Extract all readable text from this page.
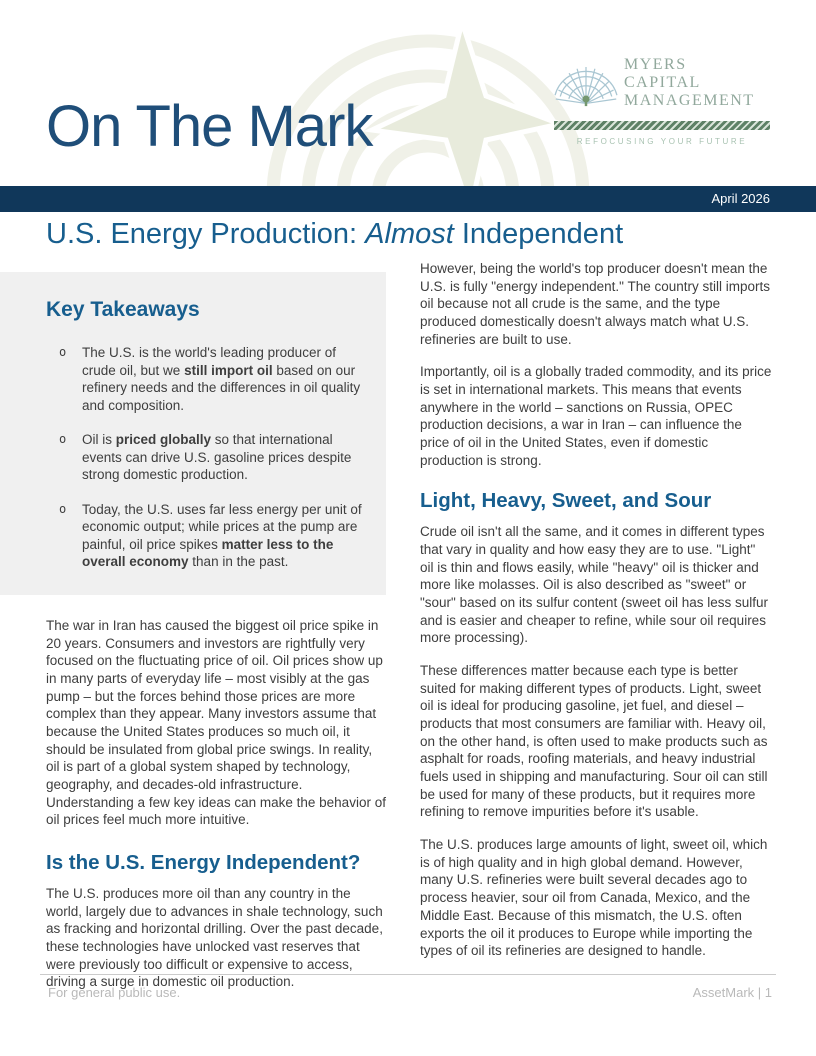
On The Mark
MYERS
CAPITAL
MANAGEMENT
REFOCUSING YOUR FUTURE
April 2026
U.S. Energy Production: Almost Independent
Key Takeaways
o	The U.S. is the world's leading producer of crude oil, but we still import oil based on our refinery needs and the differences in oil quality and composition.
o	Oil is priced globally so that international events can drive U.S. gasoline prices despite strong domestic production.
o	Today, the U.S. uses far less energy per unit of economic output; while prices at the pump are painful, oil price spikes matter less to the overall economy than in the past.

The war in Iran has caused the biggest oil price spike in 20 years. Consumers and investors are rightfully very focused on the fluctuating price of oil. Oil prices show up in many parts of everyday life – most visibly at the gas pump – but the forces behind those prices are more complex than they appear. Many investors assume that because the United States produces so much oil, it should be insulated from global price swings. In reality, oil is part of a global system shaped by technology, geography, and decades-old infrastructure. Understanding a few key ideas can make the behavior of oil prices feel much more intuitive.

Is the U.S. Energy Independent?

The U.S. produces more oil than any country in the world, largely due to advances in shale technology, such as fracking and horizontal drilling. Over the past decade, these technologies have unlocked vast reserves that were previously too difficult or expensive to access, driving a surge in domestic oil production.

However, being the world's top producer doesn't mean the U.S. is fully "energy independent." The country still imports oil because not all crude is the same, and the type produced domestically doesn't always match what U.S. refineries are built to use.

Importantly, oil is a globally traded commodity, and its price is set in international markets. This means that events anywhere in the world – sanctions on Russia, OPEC production decisions, a war in Iran – can influence the price of oil in the United States, even if domestic production is strong.

Light, Heavy, Sweet, and Sour

Crude oil isn't all the same, and it comes in different types that vary in quality and how easy they are to use. "Light" oil is thin and flows easily, while "heavy" oil is thicker and more like molasses. Oil is also described as "sweet" or "sour" based on its sulfur content (sweet oil has less sulfur and is easier and cheaper to refine, while sour oil requires more processing).

These differences matter because each type is better suited for making different types of products. Light, sweet oil is ideal for producing gasoline, jet fuel, and diesel – products that most consumers are familiar with. Heavy oil, on the other hand, is often used to make products such as asphalt for roads, roofing materials, and heavy industrial fuels used in shipping and manufacturing. Sour oil can still be used for many of these products, but it requires more refining to remove impurities before it's usable.

The U.S. produces large amounts of light, sweet oil, which is of high quality and in high global demand. However, many U.S. refineries were built several decades ago to process heavier, sour oil from Canada, Mexico, and the Middle East. Because of this mismatch, the U.S. often exports the oil it produces to Europe while importing the types of oil its refineries are designed to handle.

For general public use.	AssetMark | 1
